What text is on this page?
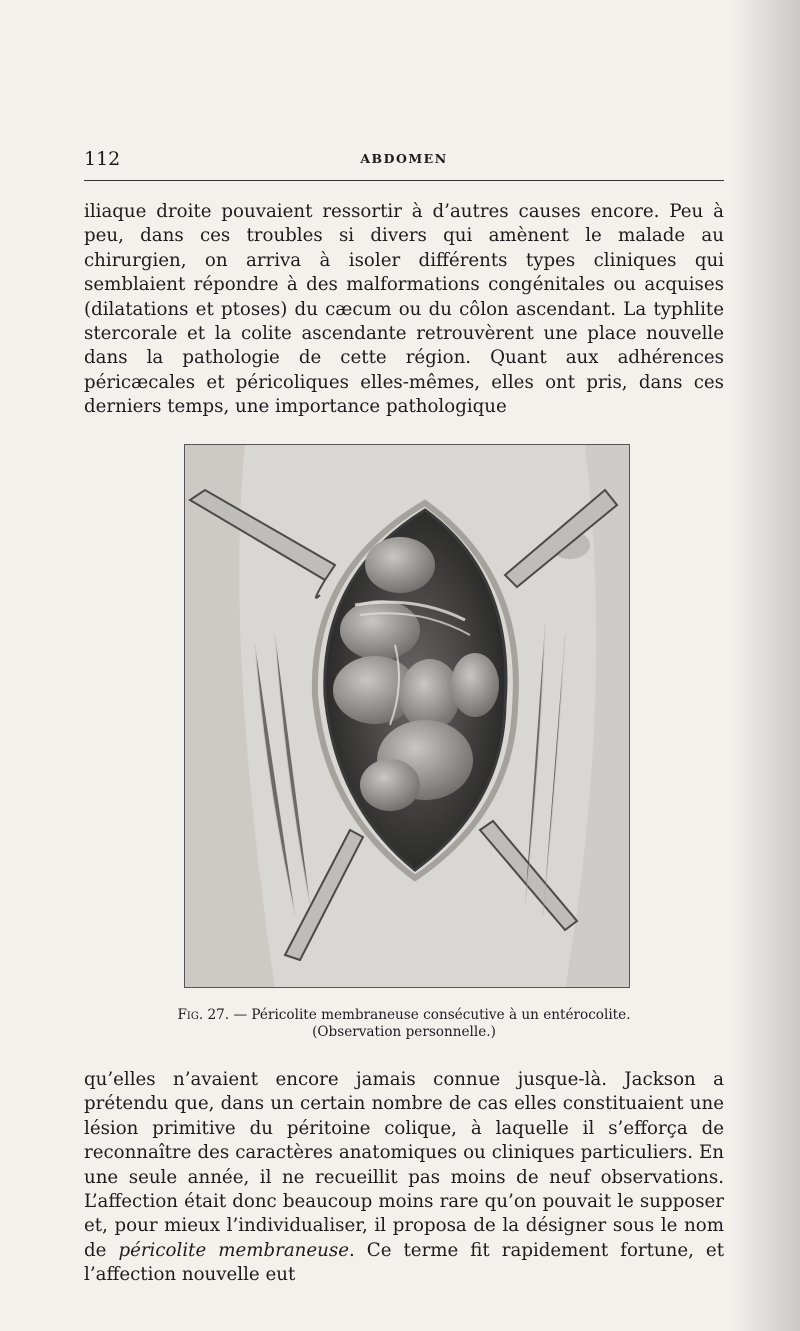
112	ABDOMEN

iliaque droite pouvaient ressortir à d’autres causes encore. Peu à peu, dans ces troubles si divers qui amènent le malade au chirurgien, on arriva à isoler différents types cliniques qui semblaient répondre à des malformations congénitales ou acquises (dilatations et ptoses) du cæcum ou du côlon ascendant. La typhlite stercorale et la colite ascendante retrouvèrent une place nouvelle dans la pathologie de cette région. Quant aux adhérences péricæcales et péricoliques elles-mêmes, elles ont pris, dans ces derniers temps, une importance pathologique

Fig. 27. — Péricolite membraneuse consécutive à un entérocolite.
(Observation personnelle.)

qu’elles n’avaient encore jamais connue jusque-là. Jackson a prétendu que, dans un certain nombre de cas elles constituaient une lésion primitive du péritoine colique, à laquelle il s’efforça de reconnaître des caractères anatomiques ou cliniques particuliers. En une seule année, il ne recueillit pas moins de neuf observations. L’affection était donc beaucoup moins rare qu’on pouvait le supposer et, pour mieux l’individualiser, il proposa de la désigner sous le nom de péricolite membraneuse. Ce terme fit rapidement fortune, et l’affection nouvelle eut
